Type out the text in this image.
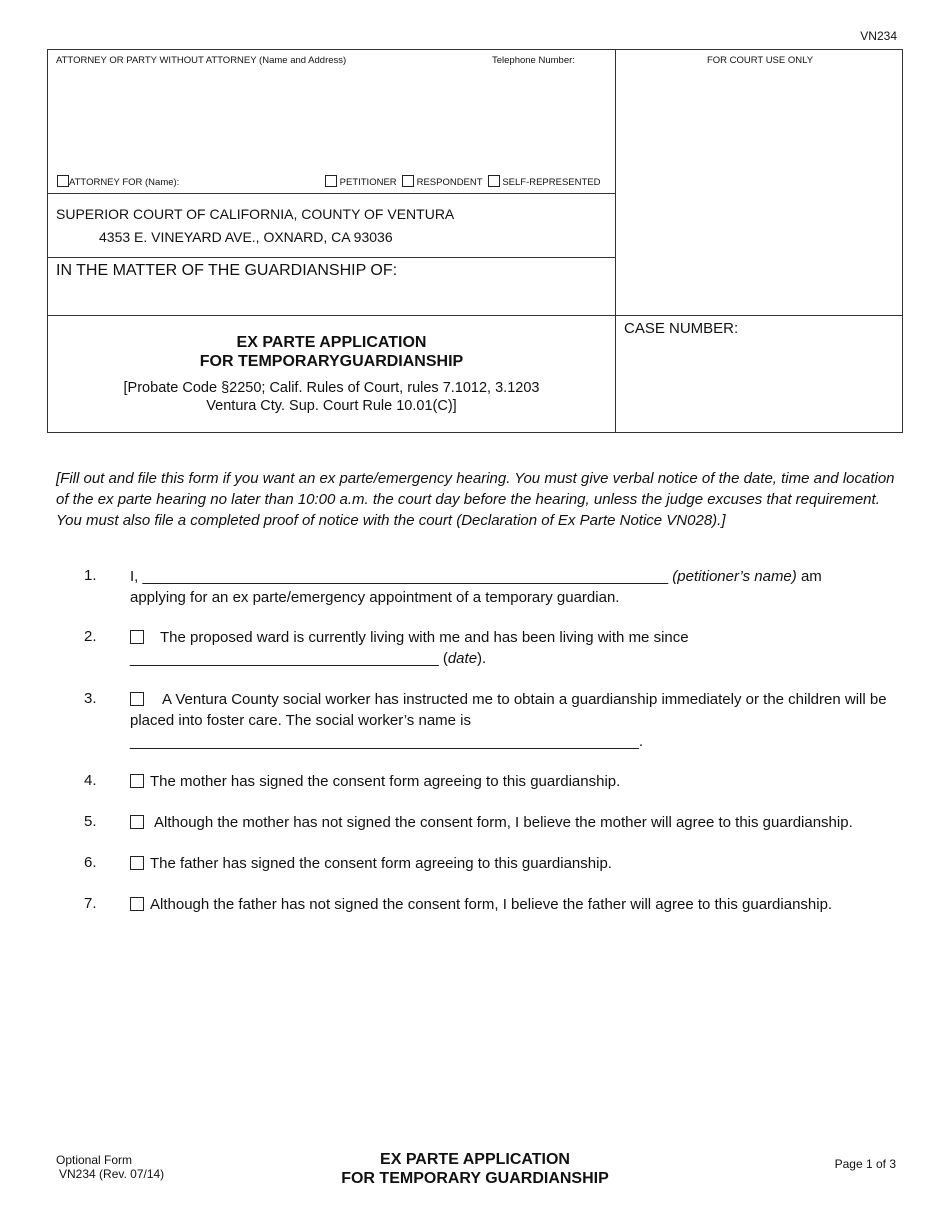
VN234
ATTORNEY OR PARTY WITHOUT ATTORNEY (Name and Address)	Telephone Number:	FOR COURT USE ONLY
ATTORNEY FOR (Name):	PETITIONER RESPONDENT SELF-REPRESENTED
SUPERIOR COURT OF CALIFORNIA, COUNTY OF VENTURA
4353 E. VINEYARD AVE., OXNARD, CA 93036
IN THE MATTER OF THE GUARDIANSHIP OF:
EX PARTE APPLICATION
FOR TEMPORARYGUARDIANSHIP
[Probate Code §2250; Calif. Rules of Court, rules 7.1012, 3.1203
Ventura Cty. Sup. Court Rule 10.01(C)]
CASE NUMBER:
[Fill out and file this form if you want an ex parte/emergency hearing. You must give verbal notice of the date, time and location of the ex parte hearing no later than 10:00 a.m. the court day before the hearing, unless the judge excuses that requirement. You must also file a completed proof of notice with the court (Declaration of Ex Parte Notice VN028).]
1. I, _______________________________________________________________ (petitioner’s name) am
applying for an ex parte/emergency appointment of a temporary guardian.
2.	The proposed ward is currently living with me and has been living with me since
_____________________________________ (date).
3.	A Ventura County social worker has instructed me to obtain a guardianship immediately or the children will be placed into foster care. The social worker’s name is
_____________________________________________________________.
4.	The mother has signed the consent form agreeing to this guardianship.
5.	Although the mother has not signed the consent form, I believe the mother will agree to this guardianship.
6.	The father has signed the consent form agreeing to this guardianship.
7.	Although the father has not signed the consent form, I believe the father will agree to this guardianship.
Optional Form
VN234 (Rev. 07/14)
EX PARTE APPLICATION
FOR TEMPORARY GUARDIANSHIP
Page 1 of 3
